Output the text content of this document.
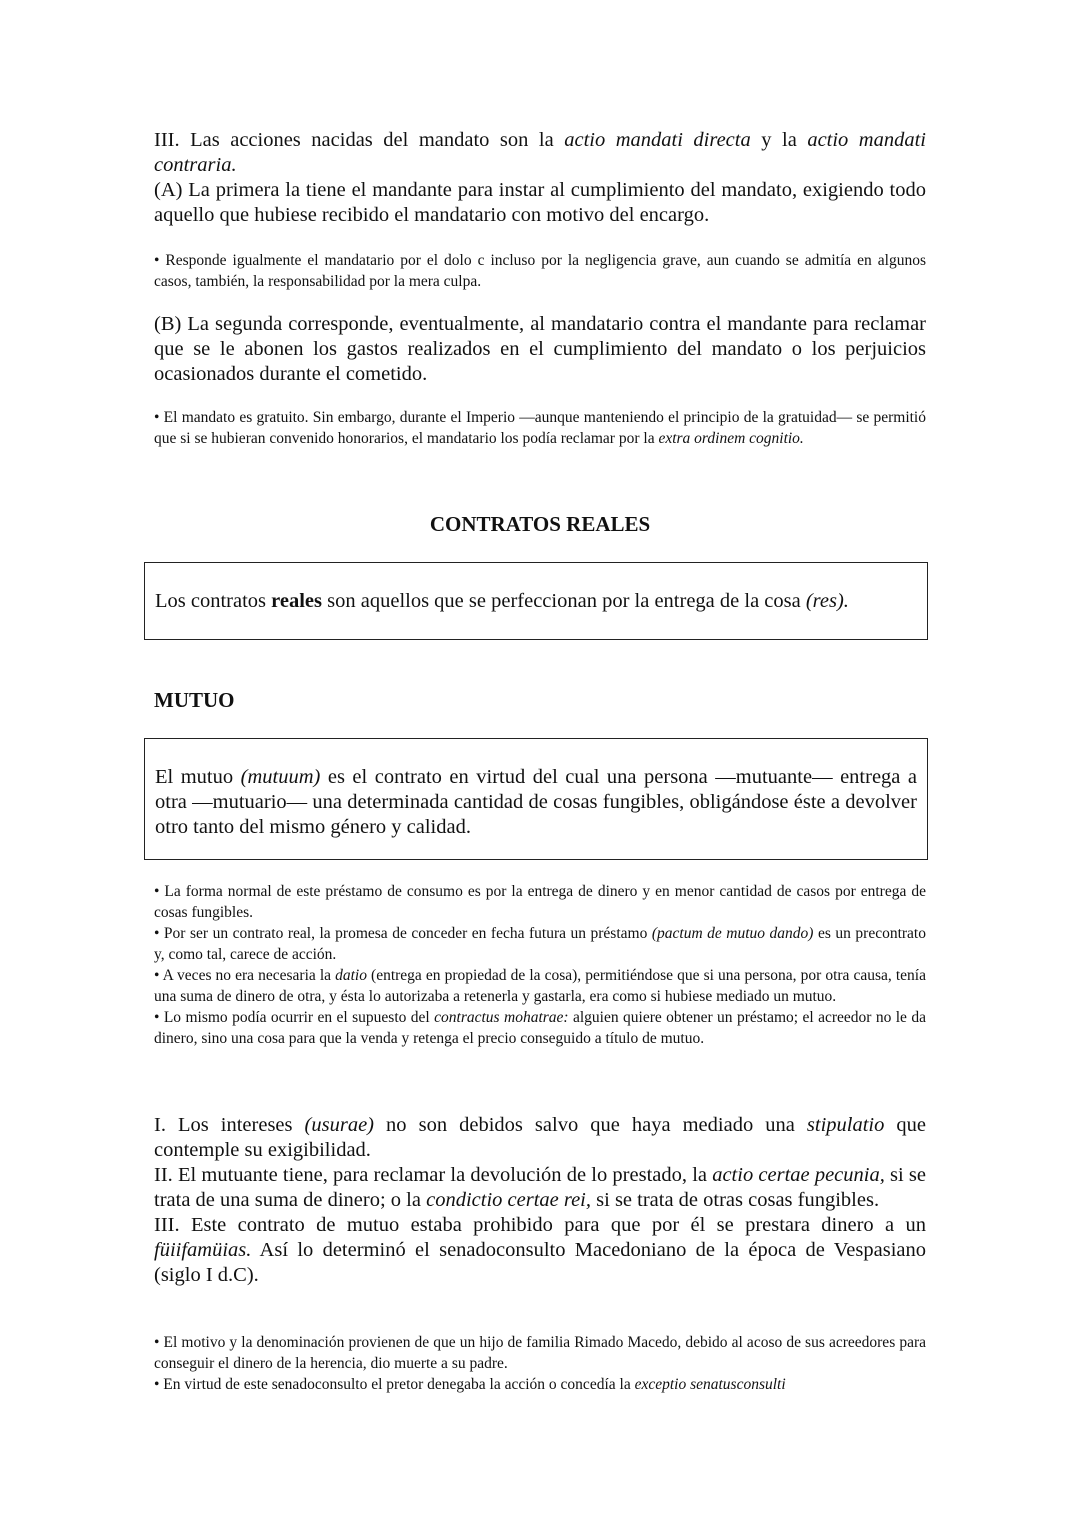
III. Las acciones nacidas del mandato son la actio mandati directa y la actio mandati contraria.
(A) La primera la tiene el mandante para instar al cumplimiento del mandato, exigiendo todo aquello que hubiese recibido el mandatario con motivo del encargo.
• Responde igualmente el mandatario por el dolo c incluso por la negligencia grave, aun cuando se admitía en algunos casos, también, la responsabilidad por la mera culpa.
(B) La segunda corresponde, eventualmente, al mandatario contra el mandante para reclamar que se le abonen los gastos realizados en el cumplimiento del mandato o los perjuicios ocasionados durante el cometido.
• El mandato es gratuito. Sin embargo, durante el Imperio —aunque manteniendo el principio de la gratuidad— se permitió que si se hubieran convenido honorarios, el mandatario los podía reclamar por la extra ordinem cognitio.
CONTRATOS REALES
Los contratos reales son aquellos que se perfeccionan por la entrega de la cosa (res).
MUTUO
El mutuo (mutuum) es el contrato en virtud del cual una persona —mutuante— entrega a otra —mutuario— una determinada cantidad de cosas fungibles, obligándose éste a devolver otro tanto del mismo género y calidad.

• La forma normal de este préstamo de consumo es por la entrega de dinero y en menor cantidad de casos por entrega de cosas fungibles.

• Por ser un contrato real, la promesa de conceder en fecha futura un préstamo (pactum de mutuo dando) es un precontrato y, como tal, carece de acción.

• A veces no era necesaria la datio (entrega en propiedad de la cosa), permitiéndose que si una persona, por otra causa, tenía una suma de dinero de otra, y ésta lo autorizaba a retenerla y gastarla, era como si hubiese mediado un mutuo.

• Lo mismo podía ocurrir en el supuesto del contractus mohatrae: alguien quiere obtener un préstamo; el acreedor no le da dinero, sino una cosa para que la venda y retenga el precio conseguido a título de mutuo.

I. Los intereses (usurae) no son debidos salvo que haya mediado una stipulatio que contemple su exigibilidad.

II. El mutuante tiene, para reclamar la devolución de lo prestado, la actio certae pecunia, si se trata de una suma de dinero; o la condictio certae rei, si se trata de otras cosas fungibles.

III. Este contrato de mutuo estaba prohibido para que por él se prestara dinero a un füiifamüias. Así lo determinó el senadoconsulto Macedoniano de la época de Vespasiano (siglo I d.C).

• El motivo y la denominación provienen de que un hijo de familia Rimado Macedo, debido al acoso de sus acreedores para conseguir el dinero de la herencia, dio muerte a su padre.

• En virtud de este senadoconsulto el pretor denegaba la acción o concedía la exceptio senatusconsulti
